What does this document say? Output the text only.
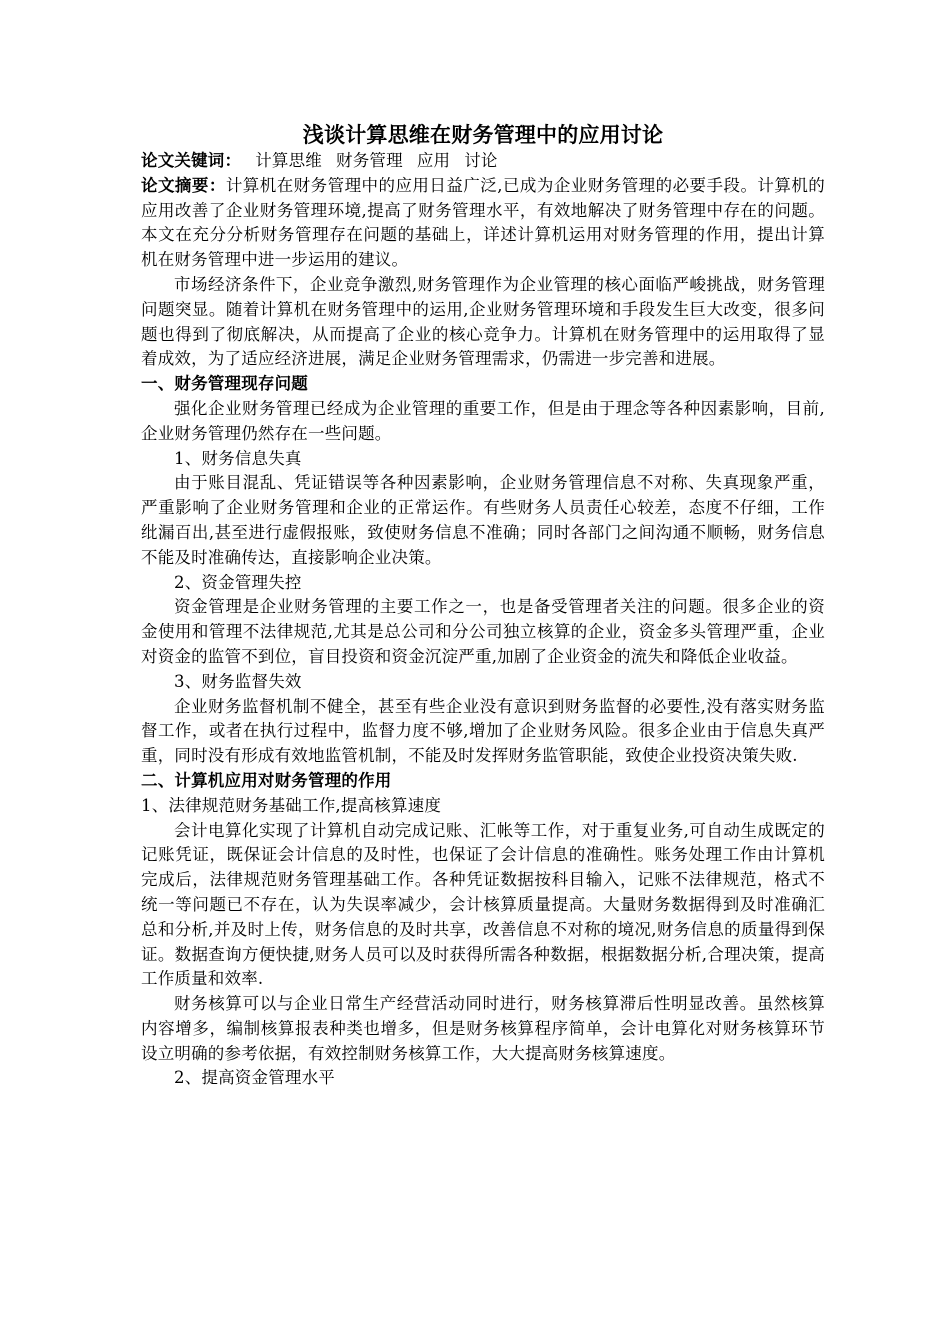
浅谈计算思维在财务管理中的应用讨论

论文关键词： 计算思维 财务管理 应用 讨论

论文摘要：计算机在财务管理中的应用日益广泛,已成为企业财务管理的必要手段。计算机的应用改善了企业财务管理环境,提高了财务管理水平，有效地解决了财务管理中存在的问题。本文在充分分析财务管理存在问题的基础上，详述计算机运用对财务管理的作用，提出计算机在财务管理中进一步运用的建议。

市场经济条件下，企业竞争激烈,财务管理作为企业管理的核心面临严峻挑战，财务管理问题突显。随着计算机在财务管理中的运用,企业财务管理环境和手段发生巨大改变，很多问题也得到了彻底解决，从而提高了企业的核心竞争力。计算机在财务管理中的运用取得了显着成效，为了适应经济进展，满足企业财务管理需求，仍需进一步完善和进展。

一、财务管理现存问题

强化企业财务管理已经成为企业管理的重要工作，但是由于理念等各种因素影响，目前,企业财务管理仍然存在一些问题。

1、财务信息失真

由于账目混乱、凭证错误等各种因素影响，企业财务管理信息不对称、失真现象严重，严重影响了企业财务管理和企业的正常运作。有些财务人员责任心较差，态度不仔细，工作纰漏百出,甚至进行虚假报账，致使财务信息不准确；同时各部门之间沟通不顺畅，财务信息不能及时准确传达，直接影响企业决策。

2、资金管理失控

资金管理是企业财务管理的主要工作之一，也是备受管理者关注的问题。很多企业的资金使用和管理不法律规范,尤其是总公司和分公司独立核算的企业，资金多头管理严重，企业对资金的监管不到位，盲目投资和资金沉淀严重,加剧了企业资金的流失和降低企业收益。

3、财务监督失效

企业财务监督机制不健全，甚至有些企业没有意识到财务监督的必要性,没有落实财务监督工作，或者在执行过程中，监督力度不够,增加了企业财务风险。很多企业由于信息失真严重，同时没有形成有效地监管机制，不能及时发挥财务监管职能，致使企业投资决策失败.

二、计算机应用对财务管理的作用

1、法律规范财务基础工作,提高核算速度

会计电算化实现了计算机自动完成记账、汇帐等工作，对于重复业务,可自动生成既定的记账凭证，既保证会计信息的及时性，也保证了会计信息的准确性。账务处理工作由计算机完成后，法律规范财务管理基础工作。各种凭证数据按科目输入，记账不法律规范，格式不统一等问题已不存在，认为失误率减少，会计核算质量提高。大量财务数据得到及时准确汇总和分析,并及时上传，财务信息的及时共享，改善信息不对称的境况,财务信息的质量得到保证。数据查询方便快捷,财务人员可以及时获得所需各种数据，根据数据分析,合理决策，提高工作质量和效率.

财务核算可以与企业日常生产经营活动同时进行，财务核算滞后性明显改善。虽然核算内容增多，编制核算报表种类也增多，但是财务核算程序简单，会计电算化对财务核算环节设立明确的参考依据，有效控制财务核算工作，大大提高财务核算速度。

2、提高资金管理水平
